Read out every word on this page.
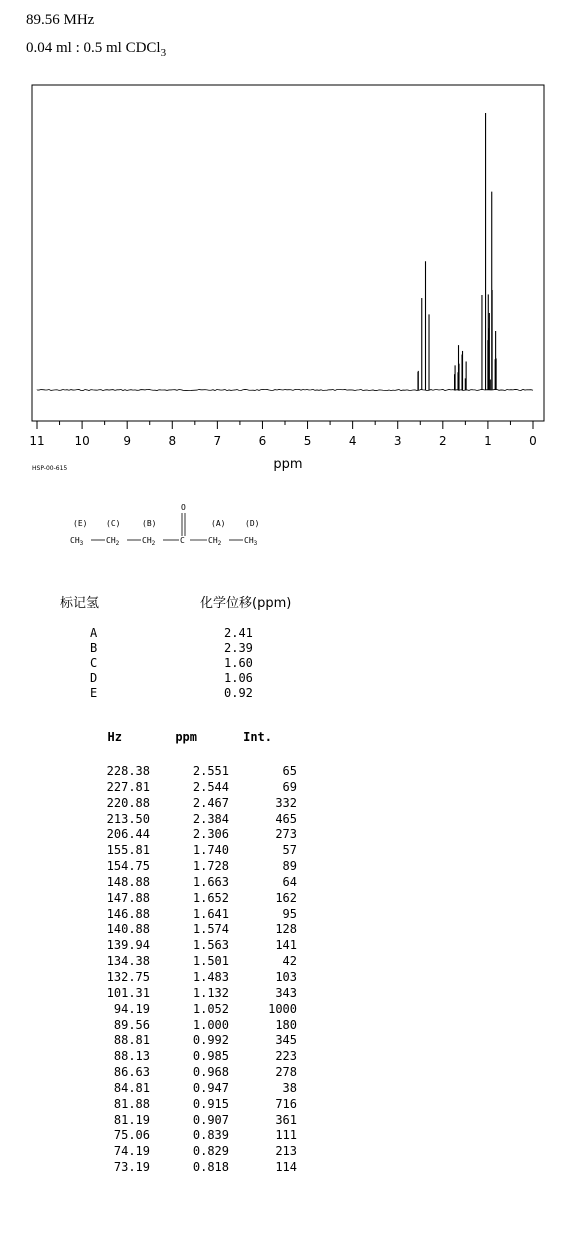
89.56 MHz
0.04 ml : 0.5 ml CDCl$_3$
11 10	9	8	7	6	5	4	3	2	1	0
ppm
HSP-00-615
(E) (C)	(B)	(A) (D)
O
$CH_3$	$CH_2$	$CH_2$	C	$CH_2$	$CH_3$
标记氢	化学位移(ppm)
A	2.41
B	2.39
C	1.60
D	1.06
E	0.92
Hz	ppm	Int.
228.38	2.551	65
227.81	2.544	69
220.88	2.467	332
213.50	2.384	465
206.44	2.306	273
155.81	1.740	57
154.75	1.728	89
148.88	1.663	64
147.88	1.652	162
146.88	1.641	95
140.88	1.574	128
139.94	1.563	141
134.38	1.501	42
132.75	1.483	103
101.31	1.132	343
94.19	1.052	1000
89.56	1.000	180
88.81	0.992	345
88.13	0.985	223
86.63	0.968	278
84.81	0.947	38
81.88	0.915	716
81.19	0.907	361
75.06	0.839	111
74.19	0.829	213
73.19	0.818	114
